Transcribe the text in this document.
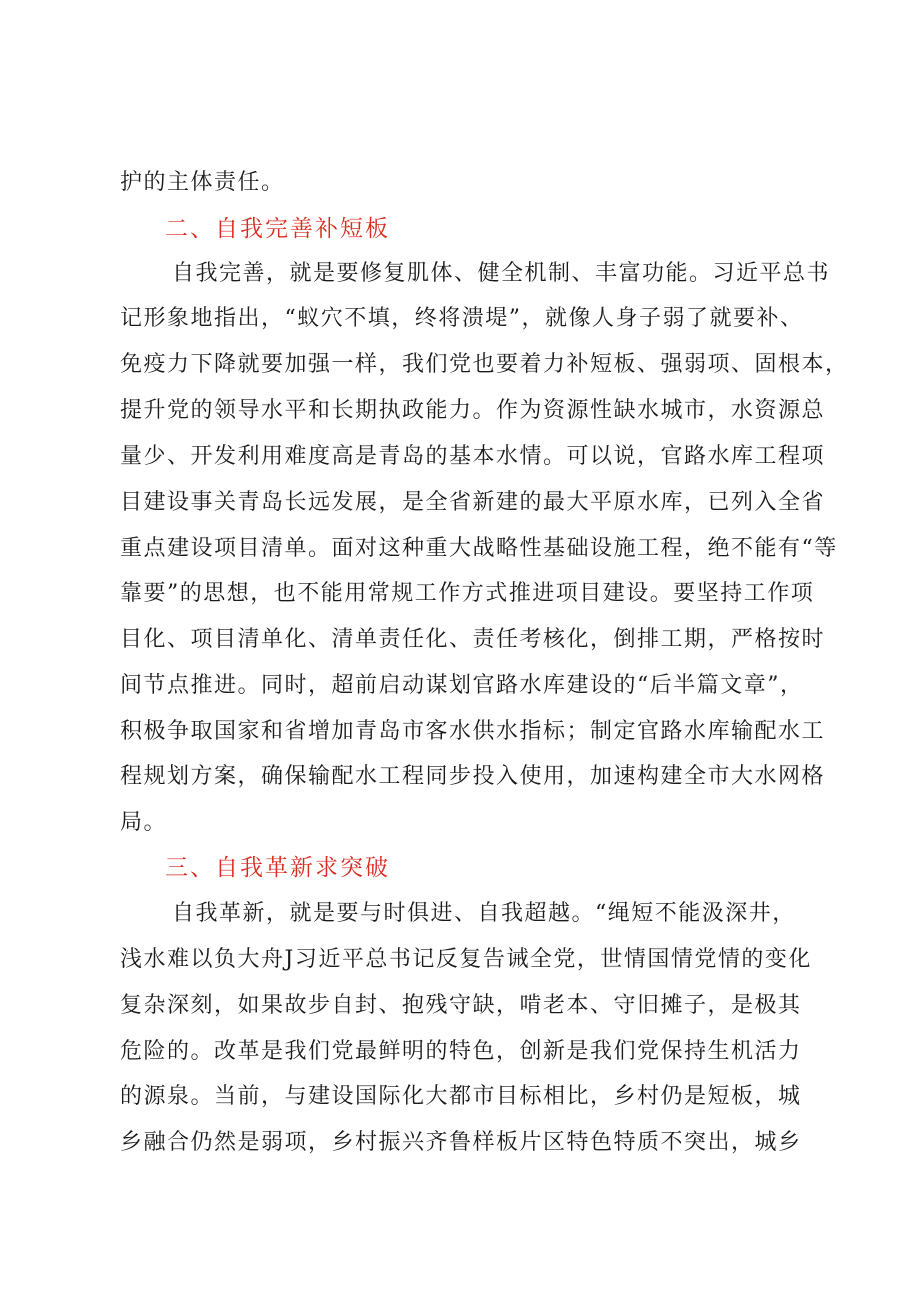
护的主体责任。
二、自我完善补短板
自我完善，就是要修复肌体、健全机制、丰富功能。习近平总书
记形象地指出，“蚁穴不填，终将溃堤”，就像人身子弱了就要补、
免疫力下降就要加强一样，我们党也要着力补短板、强弱项、固根本，
提升党的领导水平和长期执政能力。作为资源性缺水城市，水资源总
量少、开发利用难度高是青岛的基本水情。可以说，官路水库工程项
目建设事关青岛长远发展，是全省新建的最大平原水库，已列入全省
重点建设项目清单。面对这种重大战略性基础设施工程，绝不能有“等
靠要”的思想，也不能用常规工作方式推进项目建设。要坚持工作项
目化、项目清单化、清单责任化、责任考核化，倒排工期，严格按时
间节点推进。同时，超前启动谋划官路水库建设的“后半篇文章”，
积极争取国家和省增加青岛市客水供水指标；制定官路水库输配水工
程规划方案，确保输配水工程同步投入使用，加速构建全市大水网格
局。
三、自我革新求突破
自我革新，就是要与时俱进、自我超越。“绳短不能汲深井，
浅水难以负大舟J习近平总书记反复告诫全党，世情国情党情的变化
复杂深刻，如果故步自封、抱残守缺，啃老本、守旧摊子，是极其
危险的。改革是我们党最鲜明的特色，创新是我们党保持生机活力
的源泉。当前，与建设国际化大都市目标相比，乡村仍是短板，城
乡融合仍然是弱项，乡村振兴齐鲁样板片区特色特质不突出，城乡
